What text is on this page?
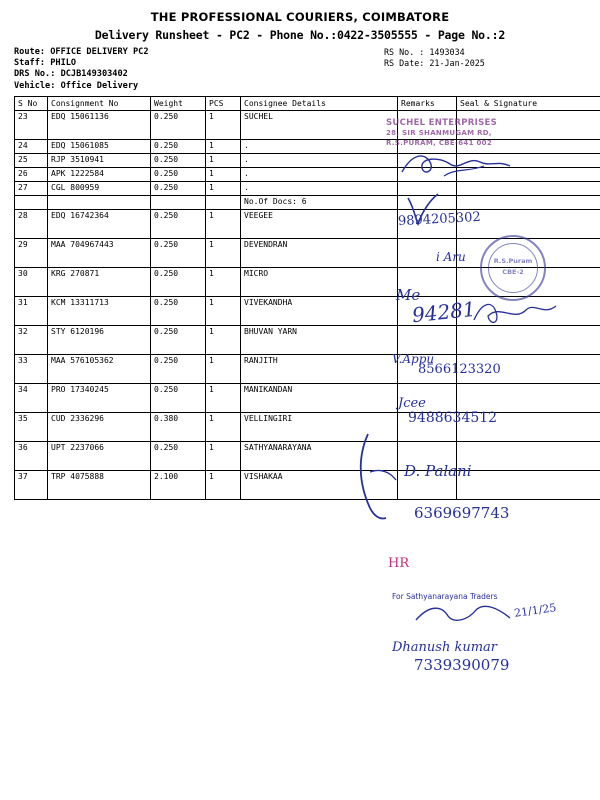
THE PROFESSIONAL COURIERS, COIMBATORE
Delivery Runsheet - PC2 - Phone No.:0422-3505555 - Page No.:2
Route: OFFICE DELIVERY PC2
Staff: PHILO
DRS No.: DCJB149303402
Vehicle: Office Delivery
RS No. : 1493034
RS Date: 21-Jan-2025
S No	Consignment No	Weight	PCS	Consignee Details	Remarks	Seal & Signature
23	EDQ 15061136	0.250	1	SUCHEL		
24	EDQ 15061085	0.250	1	.		
25	RJP 3510941	0.250	1	.		
26	APK 1222584	0.250	1	.		
27	CGL 800959	0.250	1	.		
				No.Of Docs: 6		
28	EDQ 16742364	0.250	1	VEEGEE		
29	MAA 704967443	0.250	1	DEVENDRAN		
30	KRG 270871	0.250	1	MICRO		
31	KCM 13311713	0.250	1	VIVEKANDHA		
32	STY 6120196	0.250	1	BHUVAN YARN		
33	MAA 576105362	0.250	1	RANJITH		
34	PRO 17340245	0.250	1	MANIKANDAN		
35	CUD 2336296	0.380	1	VELLINGIRI		
36	UPT 2237066	0.250	1	SATHYANARAYANA		
37	TRP 4075888	2.100	1	VISHAKAA		
SUCHEL ENTERPRISES
28, SIR SHANMUGAM RD,
R.S.PURAM, CBE-641 002
9894205302
i Aru	R.S.Puram
CBE-2
Me
94281
V.Appu
8566123320
Jcee
9488634512
D. Palani
6369697743
HR
For Sathyanarayana Traders
21/1/25
Dhanush kumar
7339390079
